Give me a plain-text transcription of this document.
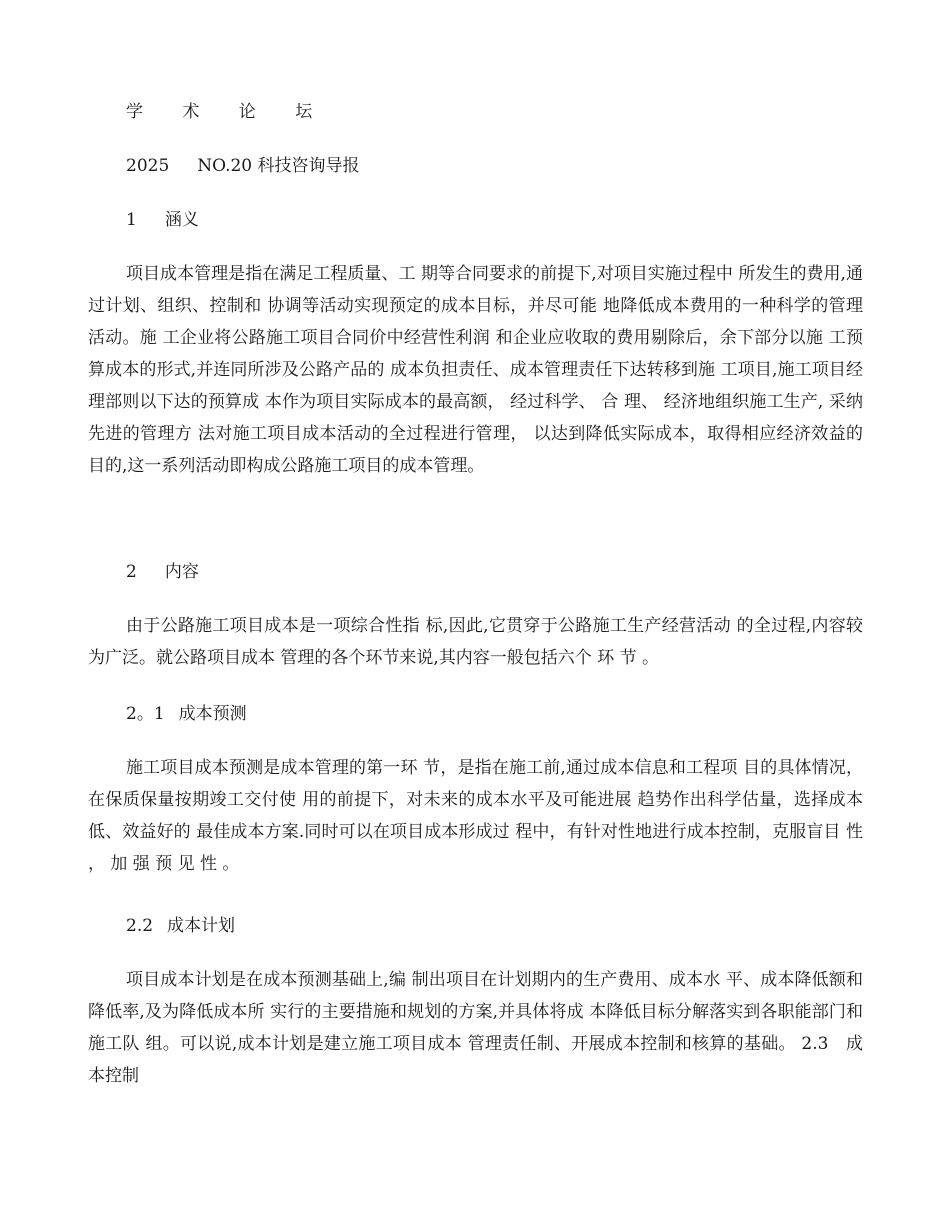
学 术 论 坛
2025 NO.20 科技咨询导报
1 涵义
项目成本管理是指在满足工程质量、工 期等合同要求的前提下,对项目实施过程中 所发生的费用,通过计划、组织、控制和 协调等活动实现预定的成本目标，并尽可能 地降低成本费用的一种科学的管理活动。施 工企业将公路施工项目合同价中经营性利润 和企业应收取的费用剔除后，余下部分以施 工预算成本的形式,并连同所涉及公路产品的 成本负担责任、成本管理责任下达转移到施 工项目,施工项目经理部则以下达的预算成 本作为项目实际成本的最高额， 经过科学、 合 理、 经济地组织施工生产, 采纳先进的管理方 法对施工项目成本活动的全过程进行管理， 以达到降低实际成本，取得相应经济效益的 目的,这一系列活动即构成公路施工项目的成本管理。
2 内容
由于公路施工项目成本是一项综合性指 标,因此,它贯穿于公路施工生产经营活动 的全过程,内容较为广泛。就公路项目成本 管理的各个环节来说,其内容一般包括六个 环 节 。
2。1 成本预测
施工项目成本预测是成本管理的第一环 节，是指在施工前,通过成本信息和工程项 目的具体情况，在保质保量按期竣工交付使 用的前提下，对未来的成本水平及可能进展 趋势作出科学估量，选择成本低、效益好的 最佳成本方案.同时可以在项目成本形成过 程中，有针对性地进行成本控制，克服盲目 性 ， 加 强 预 见 性 。
2.2 成本计划
项目成本计划是在成本预测基础上,编 制出项目在计划期内的生产费用、成本水 平、成本降低额和降低率,及为降低成本所 实行的主要措施和规划的方案,并具体将成 本降低目标分解落实到各职能部门和施工队 组。可以说,成本计划是建立施工项目成本 管理责任制、开展成本控制和核算的基础。 2.3　成本控制
